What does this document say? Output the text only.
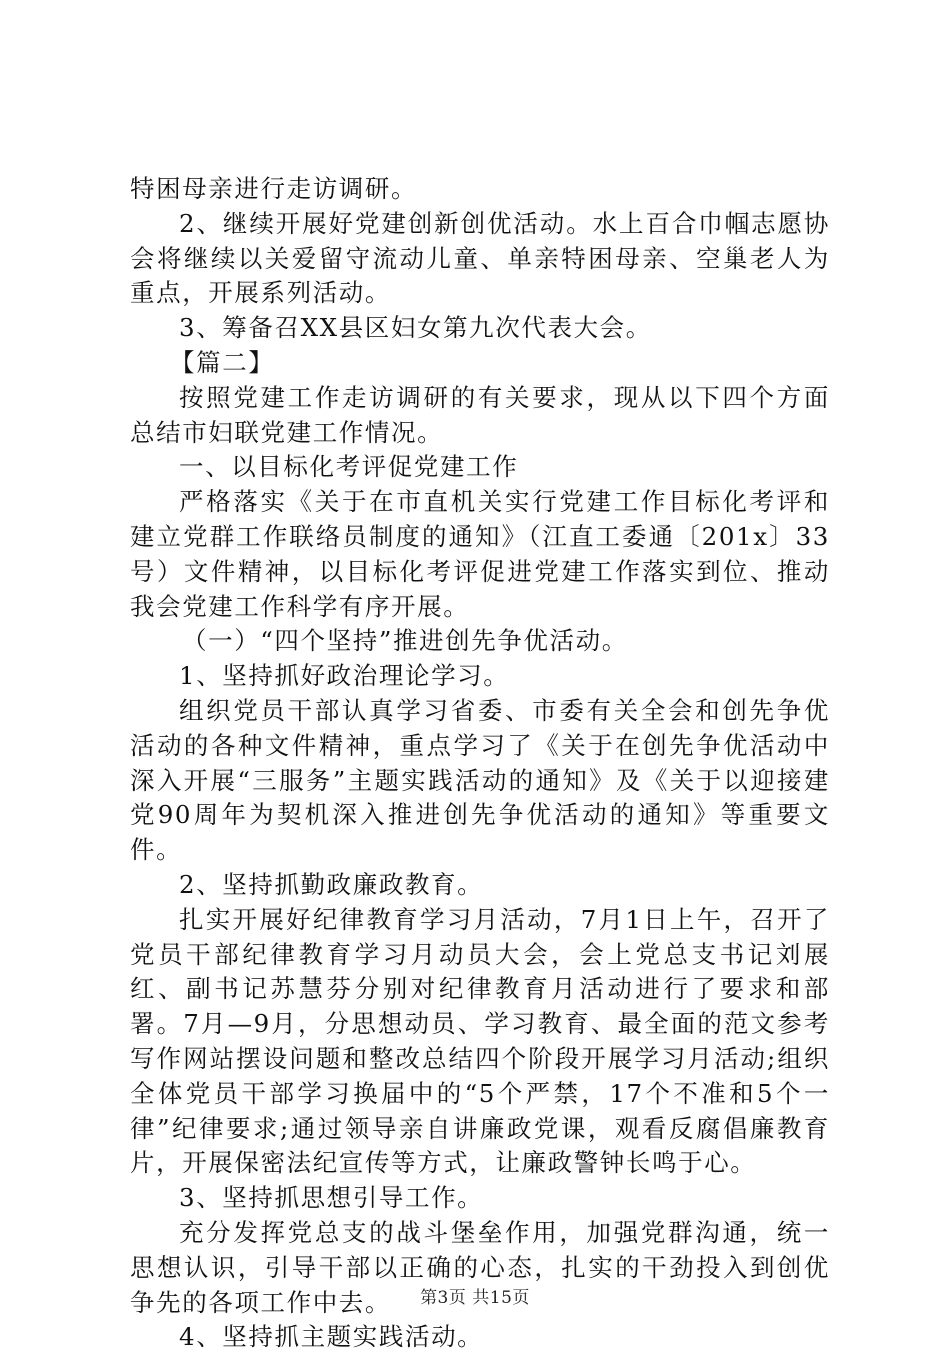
特困母亲进行走访调研。

2、继续开展好党建创新创优活动。水上百合巾帼志愿协会将继续以关爱留守流动儿童、单亲特困母亲、空巢老人为重点，开展系列活动。

3、筹备召XX县区妇女第九次代表大会。

【篇二】

按照党建工作走访调研的有关要求，现从以下四个方面总结市妇联党建工作情况。

一、以目标化考评促党建工作

严格落实《关于在市直机关实行党建工作目标化考评和建立党群工作联络员制度的通知》（江直工委通〔201x〕33号）文件精神，以目标化考评促进党建工作落实到位、推动我会党建工作科学有序开展。

（一）“四个坚持”推进创先争优活动。

1、坚持抓好政治理论学习。

组织党员干部认真学习省委、市委有关全会和创先争优活动的各种文件精神，重点学习了《关于在创先争优活动中深入开展“三服务”主题实践活动的通知》及《关于以迎接建党90周年为契机深入推进创先争优活动的通知》等重要文件。

2、坚持抓勤政廉政教育。

扎实开展好纪律教育学习月活动，7月1日上午，召开了党员干部纪律教育学习月动员大会，会上党总支书记刘展红、副书记苏慧芬分别对纪律教育月活动进行了要求和部署。7月—9月，分思想动员、学习教育、最全面的范文参考写作网站摆设问题和整改总结四个阶段开展学习月活动;组织全体党员干部学习换届中的“5个严禁，17个不准和5个一律”纪律要求;通过领导亲自讲廉政党课，观看反腐倡廉教育片，开展保密法纪宣传等方式，让廉政警钟长鸣于心。

3、坚持抓思想引导工作。

充分发挥党总支的战斗堡垒作用，加强党群沟通，统一思想认识，引导干部以正确的心态，扎实的干劲投入到创优争先的各项工作中去。

4、坚持抓主题实践活动。

第3页 共15页
